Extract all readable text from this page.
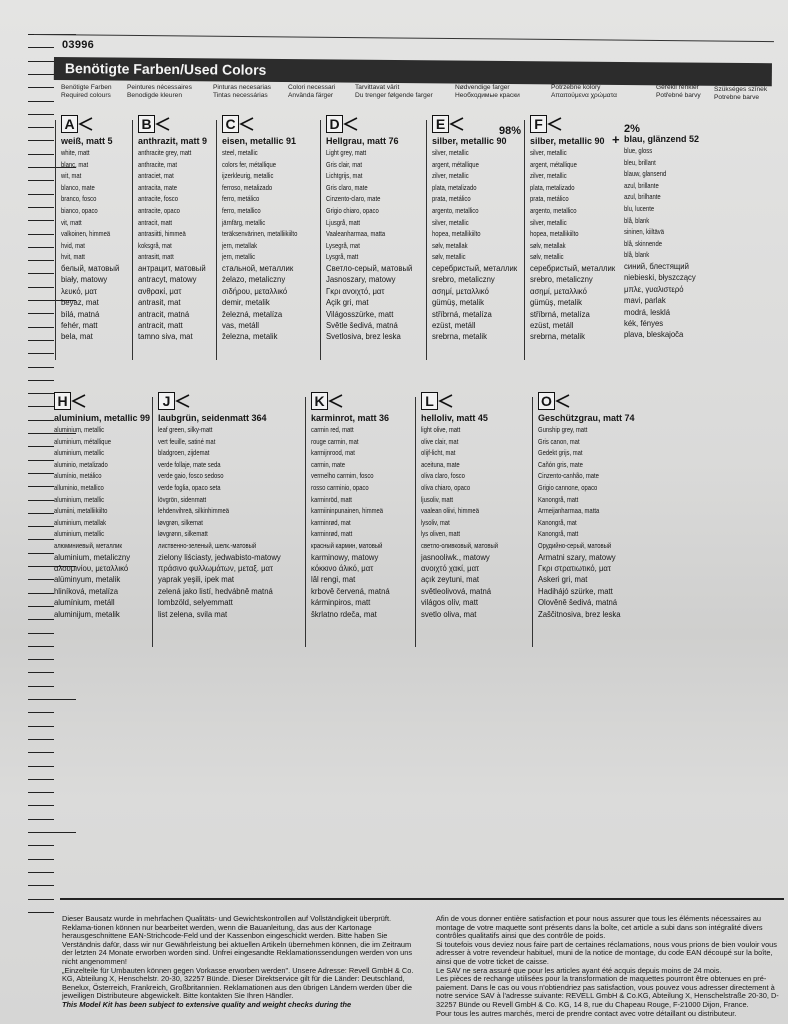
03996
Benötigte Farben/Used Colors
Benötigte Farben
Required colours
Peintures nécessaires
Benodigde kleuren
Pinturas necesarias
Tintas necessárias
Colori necessari
Använda färger
Tarvittavat värit
Du trenger følgende farger
Nødvendige farger
Необходимые краски
Potrzebne kolory
Απαιτούμενα χρώματα
Gerekli renkler
Potřebné barvy
Szükséges színek
Potrebne barve
A
weiß, matt 5
white, matt
blanc, mat
wit, mat
blanco, mate
branco, fosco
bianco, opaco
vit, matt
valkoinen, himmeä
hvid, mat
hvit, matt
белый, матовый
biały, matowy
λευκό, ματ
beyaz, mat
bílá, matná
fehér, matt
bela, mat
B
anthrazit, matt 9
anthracite grey, matt
anthracite, mat
antraciet, mat
antracita, mate
antracite, fosco
antracite, opaco
antracit, matt
antrasiitti, himmeä
koksgrå, mat
antrasitt, matt
антрацит, матовый
antracyt, matowy
ανθρακί, ματ
antrasit, mat
antracit, matná
antracit, matt
tamno siva, mat
C
eisen, metallic 91
steel, metallic
colors fer, métallique
ijzerkleurig, metallic
ferroso, metalizado
ferro, metálico
ferro, metallico
järnfärg, metallic
teräksenvärinen, metalliikiilto
jern, metallak
jern, metallic
стальной, металлик
żelazo, metaliczny
σιδήρου, μεταλλικό
demir, metalik
železná, metalíza
vas, metáll
železna, metalik
D
Hellgrau, matt 76
Light grey, matt
Gris clair, mat
Lichtgrijs, mat
Gris claro, mate
Cinzento-claro, mate
Grigio chiaro, opaco
Ljusgrå, matt
Vaaleanharmaa, matta
Lysegrå, mat
Lysgrå, matt
Светло-серый, матовый
Jasnoszary, matowy
Γκρι ανοιχτό, ματ
Açik gri, mat
Világosszürke, matt
Světle šedivá, matná
Svetlosiva, brez leska
E
silber, metallic 90
silver, metallic
argent, métallique
zilver, metallic
plata, metalizado
prata, metálico
argento, metallico
silver, metallic
hopea, metallikiilto
sølv, metallak
sølv, metallic
серебристый, металлик
srebro, metaliczny
ασημί, μεταλλικό
gümüş, metalik
stříbrná, metalíza
ezüst, metáll
srebrna, metalik
F
98%
silber, metallic 90
silver, metallic
argent, métallique
zilver, metallic
plata, metalizado
prata, metálico
argento, metallico
silver, metallic
hopea, metallikiilto
sølv, metallak
sølv, metallic
серебристый, металлик
srebro, metaliczny
ασημί, μεταλλικό
gümüş, metalik
stříbrná, metalíza
ezüst, metáll
srebrna, metalik
2%
+ blau, glänzend 52
blue, gloss
bleu, brillant
blauw, glansend
azul, brillante
azul, brilhante
blu, lucente
blå, blank
sininen, kiiltävä
blå, skinnende
blå, blank
синий, блестящий
niebieski, błyszczący
μπλε, γυαλιστερό
mavi, parlak
modrá, lesklá
kék, fényes
plava, bleskajoča
H
aluminium, metallic 99
aluminium, metallic
aluminium, métallique
aluminium, metallic
aluminio, metalizado
alumínio, metálico
alluminio, metallico
aluminium, metallic
alumiini, metalliikiilto
aluminium, metallak
aluminium, metallic
алюминиевый, металлик
aluminium, metaliczny
αλουμινίου, μεταλλικό
alüminyum, metalik
hliníková, metalíza
alumínium, metáll
aluminijum, metalik
J
laubgrün, seidenmatt 364
leaf green, silky-matt
vert feuille, satiné mat
bladgroen, zijdemat
verde follaje, mate seda
verde gaio, fosco sedoso
verde foglia, opaco seta
lövgrön, sidenmatt
lehdenvihreä, silkinhimmeä
løvgrøn, silkemat
løvgrønn, silkematt
лиственно-зеленый, шелк.-матовый
zielony liściasty, jedwabisto-matowy
πράσινο φυλλωμάτων, μεταξ. ματ
yaprak yeşili, ipek mat
zelená jako listí, hedvábně matná
lombzöld, selyemmatt
list zelena, svila mat
K
karminrot, matt 36
carmin red, matt
rouge carmin, mat
karmijnrood, mat
carmin, mate
vermelho carmim, fosco
rosso carminio, opaco
karminröd, matt
karmiininpunainen, himmeä
karminrød, mat
karminrød, matt
красный кармин, матовый
karminowy, matowy
κόκκινο άλικό, ματ
lâl rengi, mat
krbově červená, matná
kárminpiros, matt
škrlatno rdeča, mat
L
helloliv, matt 45
light olive, matt
olive clair, mat
olijf-licht, mat
aceituna, mate
oliva claro, fosco
oliva chiaro, opaco
ljusoliv, matt
vaalean oliivi, himmeä
lysoliv, mat
lys oliven, matt
светло-оливковый, матовый
jasnooliwk., matowy
ανοιχτό χακί, ματ
açık zeytuni, mat
světleolivová, matná
világos olív, matt
svetlo oliva, mat
O
Geschützgrau, matt 74
Gunship grey, matt
Gris canon, mat
Gedekt grijs, mat
Cañón gris, mate
Cinzento-canhão, mate
Grigio cannone, opaco
Kanongrå, matt
Armeijanharmaa, matta
Kanongrå, mat
Kanongrå, matt
Орудийно-серый, матовый
Armatni szary, matowy
Γκρι στρατιωτικό, ματ
Askeri gri, mat
Hadihájó szürke, matt
Olověně šedivá, matná
Zaščitnosiva, brez leska

Dieser Bausatz wurde in mehrfachen Qualitäts- und Gewichtskontrollen auf Vollständigkeit überprüft. Reklama-tionen können nur bearbeitet werden, wenn die Bauanleitung, das aus der Kartonage herausgeschnittene EAN-Strichcode-Feld und der Kassenbon eingeschickt werden. Bitte haben Sie Verständnis dafür, dass wir nur Gewährleistung bei aktuellen Artikeln übernehmen können, die im Zeitraum der letzten 24 Monate erworben worden sind. Unfrei eingesandte Reklamationssendungen werden von uns nicht angenommen!

„Einzelteile für Umbauten können gegen Vorkasse erworben werden". Unsere Adresse: Revell GmbH & Co. KG, Abteilung X, Henschelstr. 20-30, 32257 Bünde. Dieser Direktservice gilt für die Länder: Deutschland, Benelux, Österreich, Frankreich, Großbritannien. Reklamationen aus den übrigen Ländern werden über die jeweiligen Distributeure abgewickelt. Bitte kontakten Sie Ihren Händler.

This Model Kit has been subject to extensive quality and weight checks during the

Afin de vous donner entière satisfaction et pour nous assurer que tous les éléments nécessaires au montage de votre maquette sont présents dans la boîte, cet article a subi dans son intégralité divers contrôles qualitatifs ainsi que des contrôle de poids.

Si toutefois vous deviez nous faire part de certaines réclamations, nous vous prions de bien vouloir vous adresser à votre revendeur habituel, muni de la notice de montage, du code EAN découpé sur la boîte, ainsi que de votre ticket de caisse.

Le SAV ne sera assuré que pour les articles ayant été acquis depuis moins de 24 mois.

Les pièces de rechange utilisées pour la transformation de maquettes pourront être obtenues en pré-paiement. Dans le cas ou vous n'obtiendriez pas satisfaction, vous pouvez vous adresser directement à notre service SAV à l'adresse suivante: REVELL GmbH & Co.KG, Abteilung X, Henschelstraße 20-30, D-32257 Bünde ou Revell GmbH & Co. KG, 14 8, rue du Chapeau Rouge, F-21000 Dijon, France.

Pour tous les autres marchés, merci de prendre contact avec votre détaillant ou distributeur.
